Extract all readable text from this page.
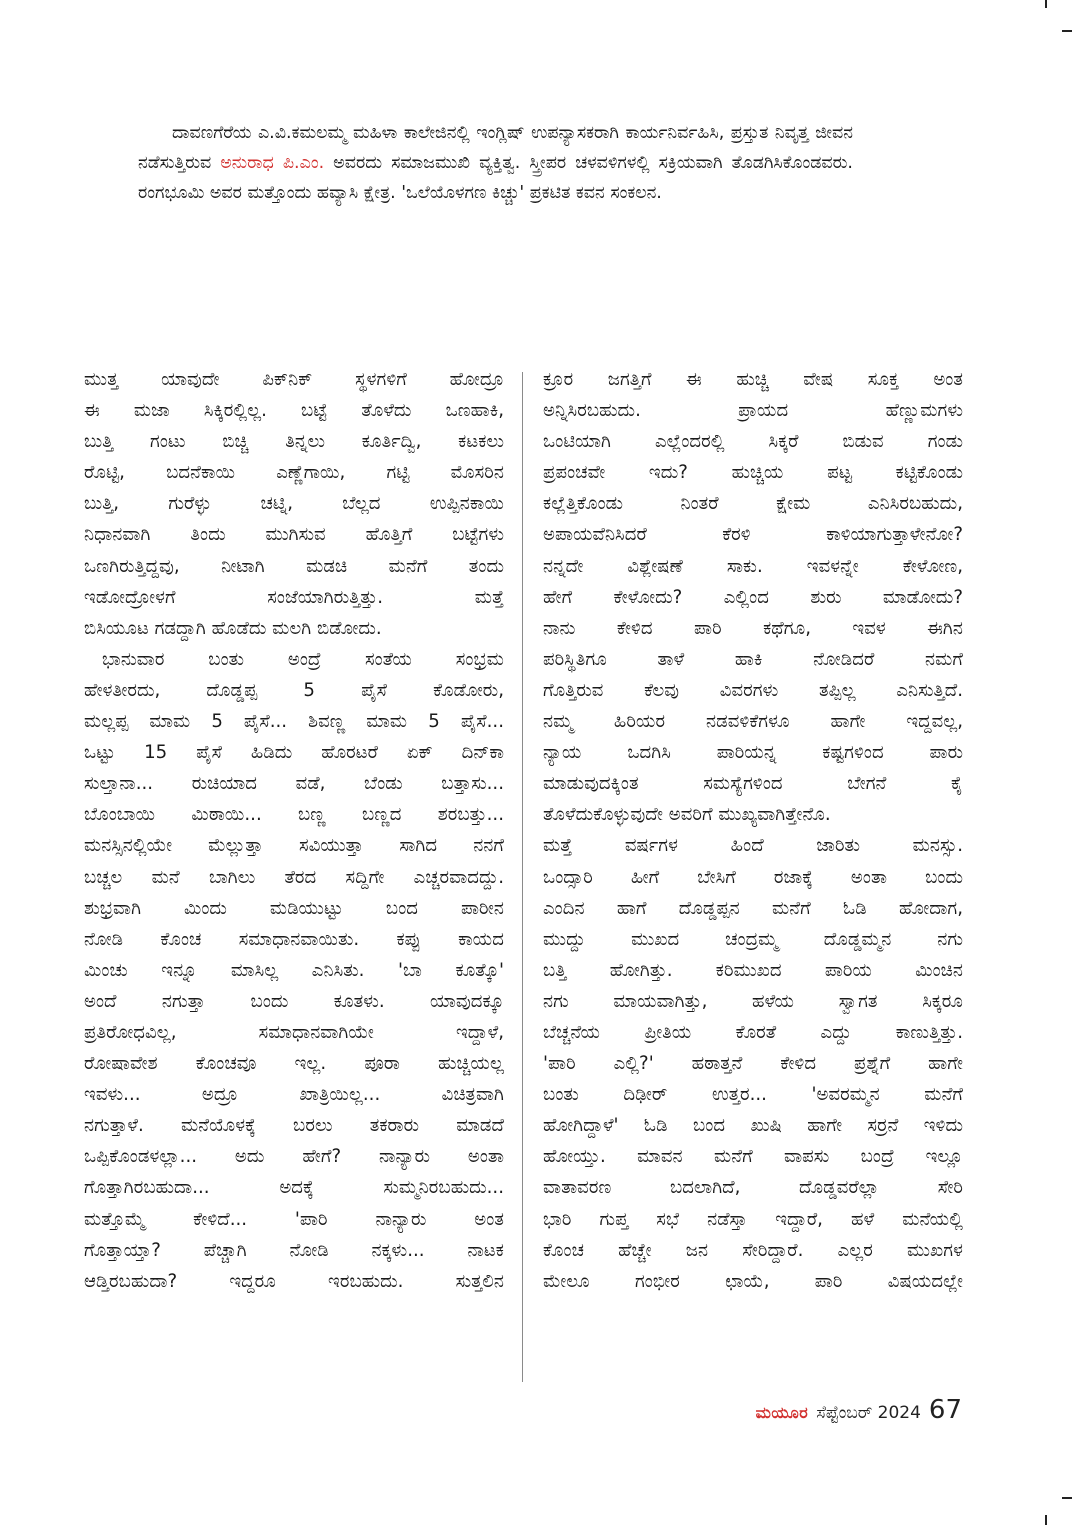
ದಾವಣಗೆರೆಯ ಎ.ವಿ.ಕಮಲಮ್ಮ ಮಹಿಳಾ ಕಾಲೇಜಿನಲ್ಲಿ ಇಂಗ್ಲಿಷ್ ಉಪನ್ಯಾಸಕರಾಗಿ ಕಾರ್ಯನಿರ್ವಹಿಸಿ, ಪ್ರಸ್ತುತ ನಿವೃತ್ತ ಜೀವನ ನಡೆಸುತ್ತಿರುವ ಅನುರಾಧ ಪಿ.ಎಂ. ಅವರದು ಸಮಾಜಮುಖಿ ವ್ಯಕ್ತಿತ್ವ. ಸ್ತ್ರೀಪರ ಚಳವಳಿಗಳಲ್ಲಿ ಸಕ್ರಿಯವಾಗಿ ತೊಡಗಿಸಿಕೊಂಡವರು. ರಂಗಭೂಮಿ ಅವರ ಮತ್ತೊಂದು ಹವ್ಯಾಸಿ ಕ್ಷೇತ್ರ. 'ಒಲೆಯೊಳಗಣ ಕಿಚ್ಚು' ಪ್ರಕಟಿತ ಕವನ ಸಂಕಲನ.

ಮುತ್ತ ಯಾವುದೇ ಪಿಕ್‌ನಿಕ್ ಸ್ಥಳಗಳಿಗೆ ಹೋದ್ರೂ
ಈ ಮಜಾ ಸಿಕ್ಕಿರಲ್ಲಿಲ್ಲ. ಬಟ್ಟೆ ತೊಳೆದು ಒಣಹಾಕಿ,
ಬುತ್ತಿ ಗಂಟು ಬಿಚ್ಚಿ ತಿನ್ನಲು ಕೂರ್ತಿದ್ವಿ, ಕಟಕಲು
ರೊಟ್ಟಿ, ಬದನೆಕಾಯಿ ಎಣ್ಣೆಗಾಯಿ, ಗಟ್ಟಿ ಮೊಸರಿನ
ಬುತ್ತಿ, ಗುರೆಳ್ಳು ಚಟ್ನಿ, ಬೆಲ್ಲದ ಉಪ್ಪಿನಕಾಯಿ
ನಿಧಾನವಾಗಿ ತಿಂದು ಮುಗಿಸುವ ಹೊತ್ತಿಗೆ ಬಟ್ಟೆಗಳು
ಒಣಗಿರುತ್ತಿದ್ದವು, ನೀಟಾಗಿ ಮಡಚಿ ಮನೆಗೆ ತಂದು
ಇಡೋದ್ರೋಳಗೆ ಸಂಜೆಯಾಗಿರುತ್ತಿತ್ತು. ಮತ್ತೆ
ಬಿಸಿಯೂಟ ಗಡದ್ದಾಗಿ ಹೊಡೆದು ಮಲಗಿ ಬಿಡೋದು.
ಭಾನುವಾರ ಬಂತು ಅಂದ್ರೆ ಸಂತೆಯ ಸಂಭ್ರಮ
ಹೇಳತೀರದು, ದೊಡ್ಡಪ್ಪ 5 ಪೈಸೆ ಕೊಡೋರು,
ಮಲ್ಲಪ್ಪ ಮಾಮ 5 ಪೈಸೆ... ಶಿವಣ್ಣ ಮಾಮ 5 ಪೈಸೆ...
ಒಟ್ಟು 15 ಪೈಸೆ ಹಿಡಿದು ಹೊರಟರೆ ಏಕ್ ದಿನ್‌ಕಾ
ಸುಲ್ತಾನಾ... ರುಚಿಯಾದ ವಡೆ, ಬೆಂಡು ಬತ್ತಾಸು...
ಬೊಂಬಾಯಿ ಮಿಠಾಯಿ... ಬಣ್ಣ ಬಣ್ಣದ ಶರಬತ್ತು...
ಮನಸ್ಸಿನಲ್ಲಿಯೇ ಮೆಲ್ಲುತ್ತಾ ಸವಿಯುತ್ತಾ ಸಾಗಿದ ನನಗೆ
ಬಚ್ಚಲ ಮನೆ ಬಾಗಿಲು ತೆರದ ಸದ್ದಿಗೇ ಎಚ್ಚರವಾದದ್ದು.
ಶುಭ್ರವಾಗಿ ಮಿಂದು ಮಡಿಯುಟ್ಟು ಬಂದ ಪಾರೀನ
ನೋಡಿ ಕೊಂಚ ಸಮಾಧಾನವಾಯಿತು. ಕಪ್ಪು ಕಾಯದ
ಮಿಂಚು ಇನ್ನೂ ಮಾಸಿಲ್ಲ ಎನಿಸಿತು. 'ಬಾ ಕೂತ್ಕೊ'
ಅಂದೆ ನಗುತ್ತಾ ಬಂದು ಕೂತಳು. ಯಾವುದಕ್ಕೂ
ಪ್ರತಿರೋಧವಿಲ್ಲ, ಸಮಾಧಾನವಾಗಿಯೇ ಇದ್ದಾಳೆ,
ರೋಷಾವೇಶ ಕೊಂಚವೂ ಇಲ್ಲ. ಪೂರಾ ಹುಚ್ಚಿಯಲ್ಲ
ಇವಳು... ಅದ್ರೂ ಖಾತ್ರಿಯಿಲ್ಲ... ವಿಚಿತ್ರವಾಗಿ
ನಗುತ್ತಾಳೆ. ಮನೆಯೊಳಕ್ಕೆ ಬರಲು ತಕರಾರು ಮಾಡದೆ
ಒಪ್ಪಿಕೊಂಡಳಲ್ಲಾ... ಅದು ಹೇಗೆ? ನಾನ್ಯಾರು ಅಂತಾ
ಗೊತ್ತಾಗಿರಬಹುದಾ... ಅದಕ್ಕೆ ಸುಮ್ಮನಿರಬಹುದು...
ಮತ್ತೊಮ್ಮೆ ಕೇಳಿದೆ... 'ಪಾರಿ ನಾನ್ಯಾರು ಅಂತ
ಗೊತ್ತಾಯ್ತಾ? ಪೆಚ್ಚಾಗಿ ನೋಡಿ ನಕ್ಕಳು... ನಾಟಕ
ಆಡ್ತಿರಬಹುದಾ? ಇದ್ದರೂ ಇರಬಹುದು. ಸುತ್ತಲಿನ
ಕ್ರೂರ ಜಗತ್ತಿಗೆ ಈ ಹುಚ್ಚಿ ವೇಷ ಸೂಕ್ತ ಅಂತ
ಅನ್ನಿಸಿರಬಹುದು. ಪ್ರಾಯದ ಹೆಣ್ಣುಮಗಳು
ಒಂಟಿಯಾಗಿ ಎಲ್ಲೆಂದರಲ್ಲಿ ಸಿಕ್ಕರೆ ಬಿಡುವ ಗಂಡು
ಪ್ರಪಂಚವೇ ಇದು? ಹುಚ್ಚಿಯ ಪಟ್ಟ ಕಟ್ಟಿಕೊಂಡು
ಕಲ್ಲೆತ್ತಿಕೊಂಡು ನಿಂತರೆ ಕ್ಷೇಮ ಎನಿಸಿರಬಹುದು,
ಅಪಾಯವೆನಿಸಿದರೆ ಕೆರಳಿ ಕಾಳಿಯಾಗುತ್ತಾಳೇನೋ?
ನನ್ನದೇ ವಿಶ್ಲೇಷಣೆ ಸಾಕು. ಇವಳನ್ನೇ ಕೇಳೋಣ,
ಹೇಗೆ ಕೇಳೋದು? ಎಲ್ಲಿಂದ ಶುರು ಮಾಡೋದು?
ನಾನು ಕೇಳಿದ ಪಾರಿ ಕಥೆಗೂ, ಇವಳ ಈಗಿನ
ಪರಿಸ್ಥಿತಿಗೂ ತಾಳೆ ಹಾಕಿ ನೋಡಿದರೆ ನಮಗೆ
ಗೊತ್ತಿರುವ ಕೆಲವು ವಿವರಗಳು ತಪ್ಪಿಲ್ಲ ಎನಿಸುತ್ತಿದೆ.
ನಮ್ಮ ಹಿರಿಯರ ನಡವಳಿಕೆಗಳೂ ಹಾಗೇ ಇದ್ದವಲ್ಲ,
ನ್ಯಾಯ ಒದಗಿಸಿ ಪಾರಿಯನ್ನ ಕಷ್ಟಗಳಿಂದ ಪಾರು
ಮಾಡುವುದಕ್ಕಿಂತ ಸಮಸ್ಯೆಗಳಿಂದ ಬೇಗನೆ ಕೈ
ತೊಳೆದುಕೊಳ್ಳುವುದೇ ಅವರಿಗೆ ಮುಖ್ಯವಾಗಿತ್ತೇನೊ.
ಮತ್ತೆ ವರ್ಷಗಳ ಹಿಂದೆ ಜಾರಿತು ಮನಸ್ಸು.
ಒಂದ್ಸಾರಿ ಹೀಗೆ ಬೇಸಿಗೆ ರಜಾಕ್ಕೆ ಅಂತಾ ಬಂದು
ಎಂದಿನ ಹಾಗೆ ದೊಡ್ಡಪ್ಪನ ಮನೆಗೆ ಓಡಿ ಹೋದಾಗ,
ಮುದ್ದು ಮುಖದ ಚಂದ್ರಮ್ಮ ದೊಡ್ಡಮ್ಮನ ನಗು
ಬತ್ತಿ ಹೋಗಿತ್ತು. ಕರಿಮುಖದ ಪಾರಿಯ ಮಿಂಚಿನ
ನಗು ಮಾಯವಾಗಿತ್ತು, ಹಳೆಯ ಸ್ವಾಗತ ಸಿಕ್ಕರೂ
ಬೆಚ್ಚನೆಯ ಪ್ರೀತಿಯ ಕೊರತೆ ಎದ್ದು ಕಾಣುತ್ತಿತ್ತು.
'ಪಾರಿ ಎಲ್ಲಿ?' ಹಠಾತ್ತನೆ ಕೇಳಿದ ಪ್ರಶ್ನೆಗೆ ಹಾಗೇ
ಬಂತು ದಿಢೀರ್ ಉತ್ತರ... 'ಅವರಮ್ಮನ ಮನೆಗೆ
ಹೋಗಿದ್ದಾಳೆ' ಓಡಿ ಬಂದ ಖುಷಿ ಹಾಗೇ ಸರ್ರನೆ ಇಳಿದು
ಹೋಯ್ತು. ಮಾವನ ಮನೆಗೆ ವಾಪಸು ಬಂದ್ರೆ ಇಲ್ಲೂ
ವಾತಾವರಣ ಬದಲಾಗಿದೆ, ದೊಡ್ಡವರೆಲ್ಲಾ ಸೇರಿ
ಭಾರಿ ಗುಪ್ತ ಸಭೆ ನಡೆಸ್ತಾ ಇದ್ದಾರೆ, ಹಳೆ ಮನೆಯಲ್ಲಿ
ಕೊಂಚ ಹೆಚ್ಚೇ ಜನ ಸೇರಿದ್ದಾರೆ. ಎಲ್ಲರ ಮುಖಗಳ
ಮೇಲೂ ಗಂಭೀರ ಛಾಯೆ, ಪಾರಿ ವಿಷಯದಲ್ಲೇ
ಮಯೂರ ಸೆಪ್ಟೆಂಬರ್ 2024 67
